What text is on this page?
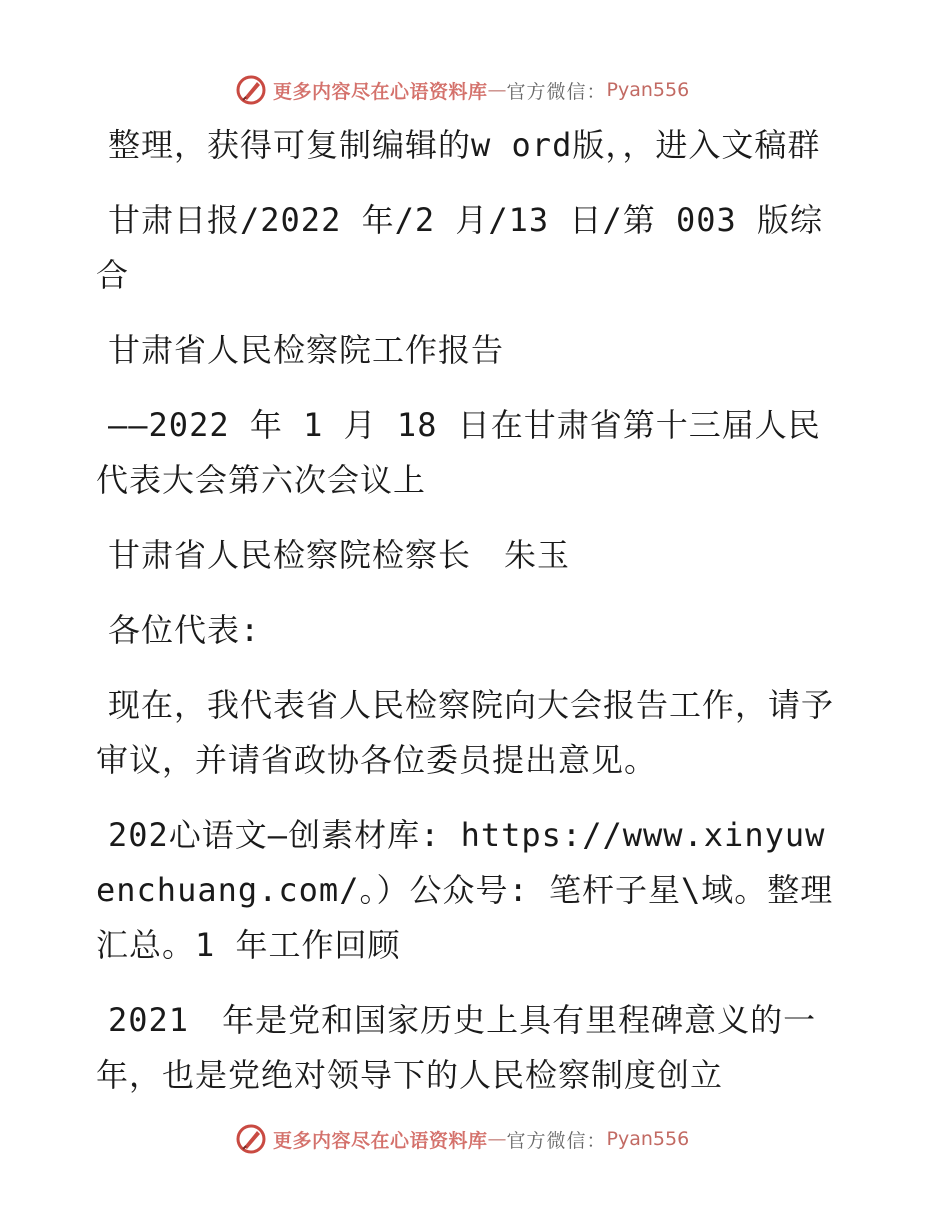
更多内容尽在心语资料库 — 官方微信： Pyan556

整理，获得可复制编辑的w ord版，，进入文稿群

甘肃日报/2022 年/2 月/13 日/第 003 版综合

甘肃省人民检察院工作报告

——2022 年 1 月 18 日在甘肃省第十三届人民代表大会第六次会议上

甘肃省人民检察院检察长　朱玉

各位代表:

现在，我代表省人民检察院向大会报告工作，请予审议，并请省政协各位委员提出意见。

202心语文—创素材库: https://www.xinyuwenchuang.com/。）公众号: 笔杆子星\域。整理汇总。1 年工作回顾

2021　年是党和国家历史上具有里程碑意义的一年，也是党绝对领导下的人民检察制度创立

更多内容尽在心语资料库 — 官方微信： Pyan556
